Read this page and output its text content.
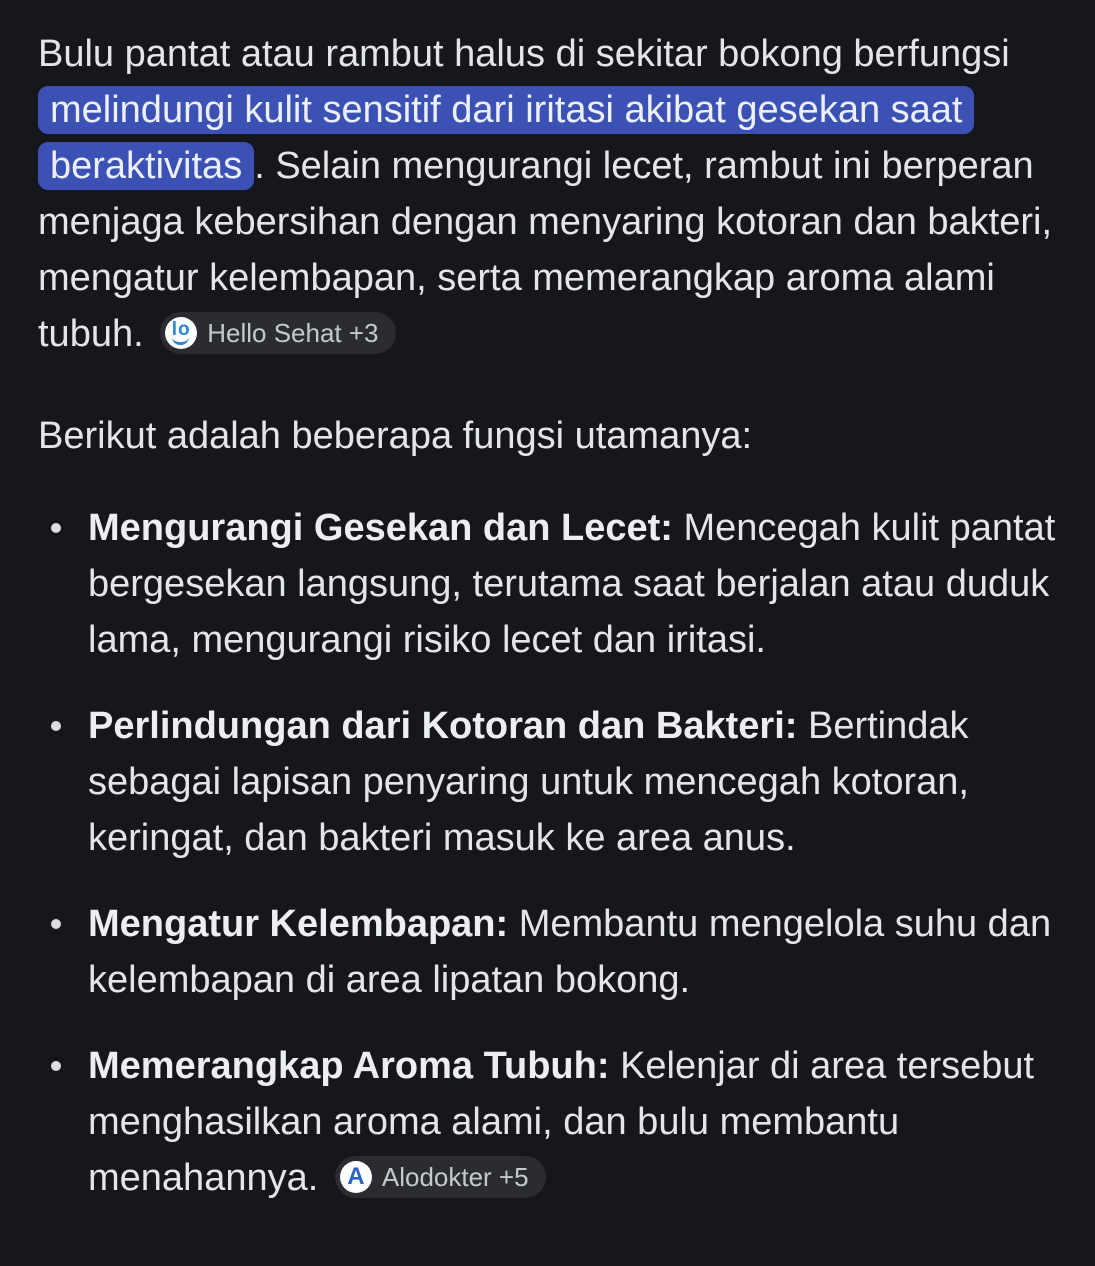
Bulu pantat atau rambut halus di sekitar bokong berfungsi melindungi kulit sensitif dari iritasi akibat gesekan saat beraktivitas . Selain mengurangi lecet, rambut ini berperan menjaga kebersihan dengan menyaring kotoran dan bakteri, mengatur kelembapan, serta memerangkap aroma alami tubuh. lo Hello Sehat +3

Berikut adalah beberapa fungsi utamanya:

Mengurangi Gesekan dan Lecet: Mencegah kulit pantat bergesekan langsung, terutama saat berjalan atau duduk lama, mengurangi risiko lecet dan iritasi.
Perlindungan dari Kotoran dan Bakteri: Bertindak sebagai lapisan penyaring untuk mencegah kotoran, keringat, dan bakteri masuk ke area anus.
Mengatur Kelembapan: Membantu mengelola suhu dan kelembapan di area lipatan bokong.
Memerangkap Aroma Tubuh: Kelenjar di area tersebut menghasilkan aroma alami, dan bulu membantu menahannya. A Alodokter +5
